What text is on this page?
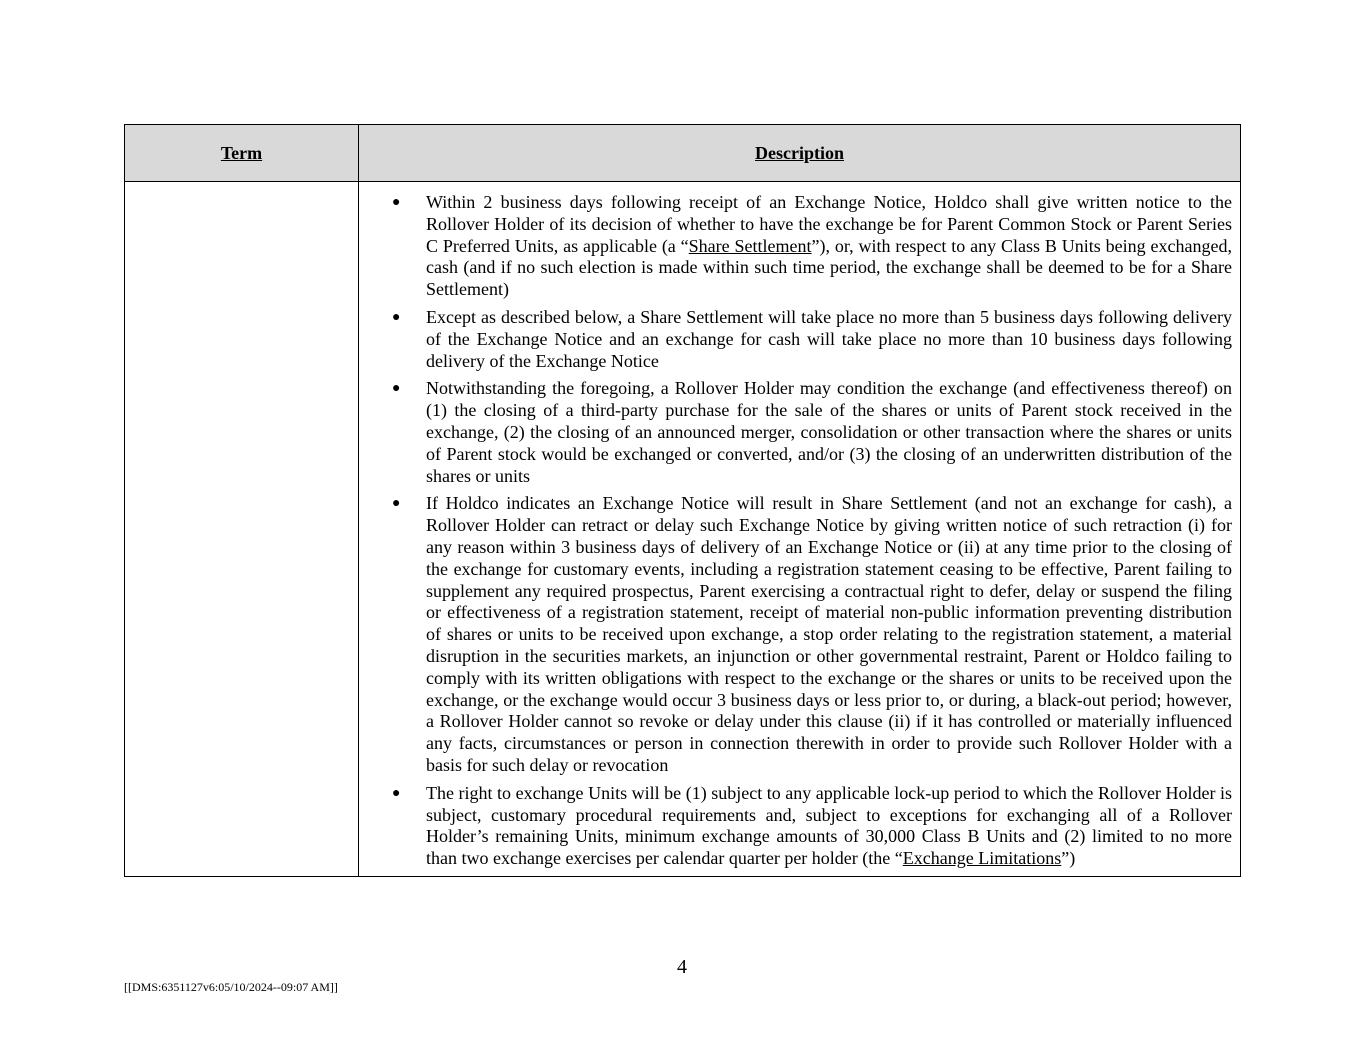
Term	Description

● Within 2 business days following receipt of an Exchange Notice, Holdco shall give written notice to the Rollover Holder of its decision of whether to have the exchange be for Parent Common Stock or Parent Series C Preferred Units, as applicable (a “Share Settlement”), or, with respect to any Class B Units being exchanged, cash (and if no such election is made within such time period, the exchange shall be deemed to be for a Share Settlement)
● Except as described below, a Share Settlement will take place no more than 5 business days following delivery of the Exchange Notice and an exchange for cash will take place no more than 10 business days following delivery of the Exchange Notice
● Notwithstanding the foregoing, a Rollover Holder may condition the exchange (and effectiveness thereof) on (1) the closing of a third-party purchase for the sale of the shares or units of Parent stock received in the exchange, (2) the closing of an announced merger, consolidation or other transaction where the shares or units of Parent stock would be exchanged or converted, and/or (3) the closing of an underwritten distribution of the shares or units
● If Holdco indicates an Exchange Notice will result in Share Settlement (and not an exchange for cash), a Rollover Holder can retract or delay such Exchange Notice by giving written notice of such retraction (i) for any reason within 3 business days of delivery of an Exchange Notice or (ii) at any time prior to the closing of the exchange for customary events, including a registration statement ceasing to be effective, Parent failing to supplement any required prospectus, Parent exercising a contractual right to defer, delay or suspend the filing or effectiveness of a registration statement, receipt of material non-public information preventing distribution of shares or units to be received upon exchange, a stop order relating to the registration statement, a material disruption in the securities markets, an injunction or other governmental restraint, Parent or Holdco failing to comply with its written obligations with respect to the exchange or the shares or units to be received upon the exchange, or the exchange would occur 3 business days or less prior to, or during, a black-out period; however, a Rollover Holder cannot so revoke or delay under this clause (ii) if it has controlled or materially influenced any facts, circumstances or person in connection therewith in order to provide such Rollover Holder with a basis for such delay or revocation
● The right to exchange Units will be (1) subject to any applicable lock-up period to which the Rollover Holder is subject, customary procedural requirements and, subject to exceptions for exchanging all of a Rollover Holder’s remaining Units, minimum exchange amounts of 30,000 Class B Units and (2) limited to no more than two exchange exercises per calendar quarter per holder (the “Exchange Limitations”)
4
[[DMS:6351127v6:05/10/2024--09:07 AM]]
